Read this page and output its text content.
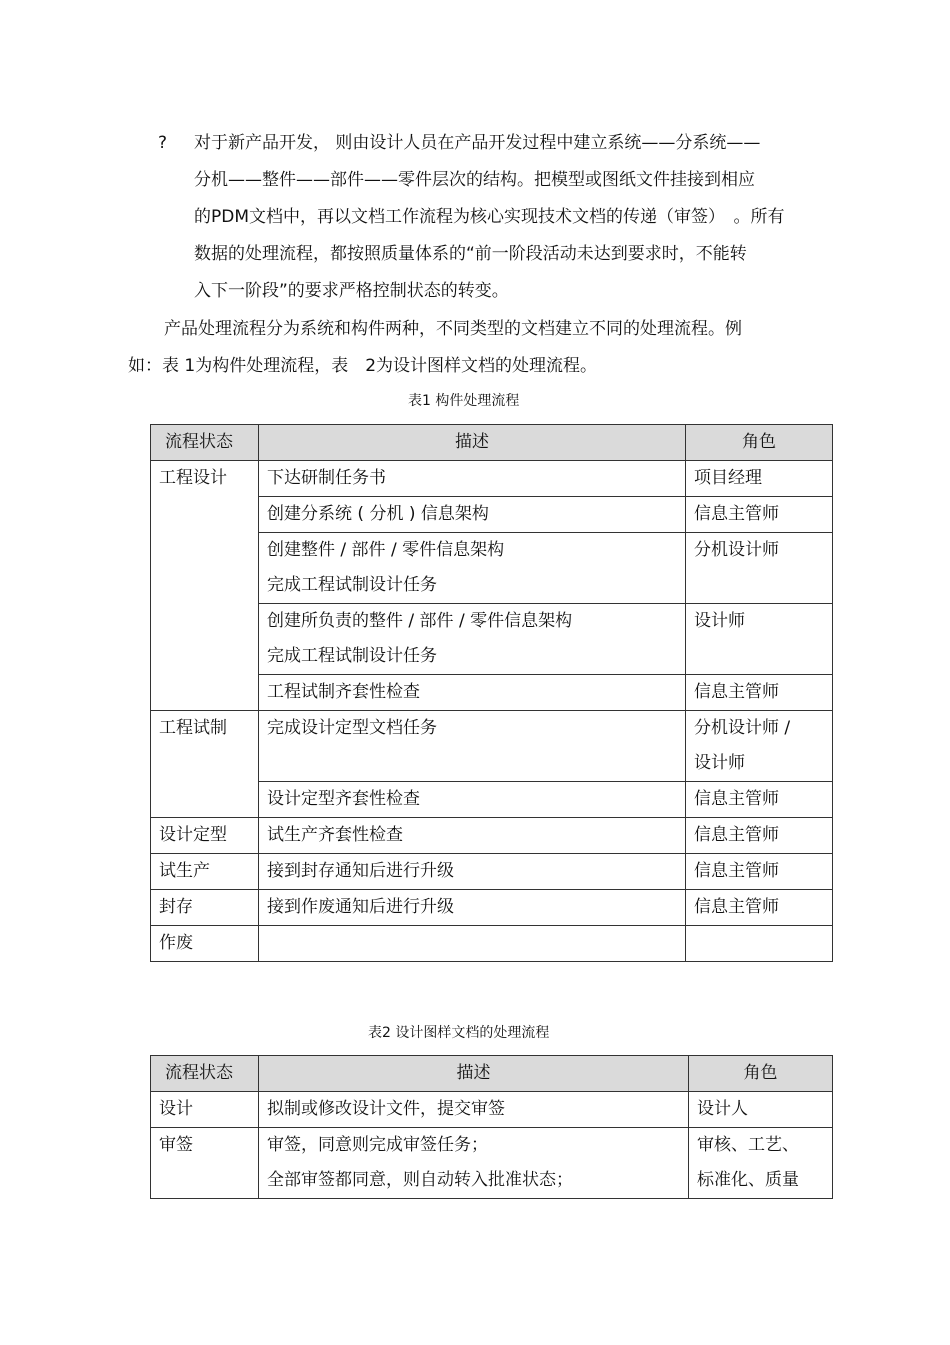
? 对于新产品开发， 则由设计人员在产品开发过程中建立系统——分系统——
分机——整件——部件——零件层次的结构。把模型或图纸文件挂接到相应
的PDM文档中，再以文档工作流程为核心实现技术文档的传递（审签）　。所有
数据的处理流程，都按照质量体系的“前一阶段活动未达到要求时，不能转
入下一阶段”的要求严格控制状态的转变。
产品处理流程分为系统和构件两种，不同类型的文档建立不同的处理流程。例
如：表 1为构件处理流程，表　2为设计图样文档的处理流程。
表1 构件处理流程
流程状态	描述	角色
工程设计	下达研制任务书	项目经理

	创建分系统 ( 分机 ) 信息架构	信息主管师

	创建整件 / 部件 / 零件信息架构
完成工程试制设计任务	分机设计师

	创建所负责的整件 / 部件 / 零件信息架构
完成工程试制设计任务	设计师

	工程试制齐套性检查	信息主管师

工程试制	完成设计定型文档任务	分机设计师 /
设计师

	设计定型齐套性检查	信息主管师

设计定型	试生产齐套性检查	信息主管师

试生产	接到封存通知后进行升级	信息主管师

封存	接到作废通知后进行升级	信息主管师

作废	

表2 设计图样文档的处理流程
流程状态	描述	角色
设计	拟制或修改设计文件，提交审签	设计人

审签	审签，同意则完成审签任务；
全部审签都同意，则自动转入批准状态；	审核、工艺、
标准化、质量
